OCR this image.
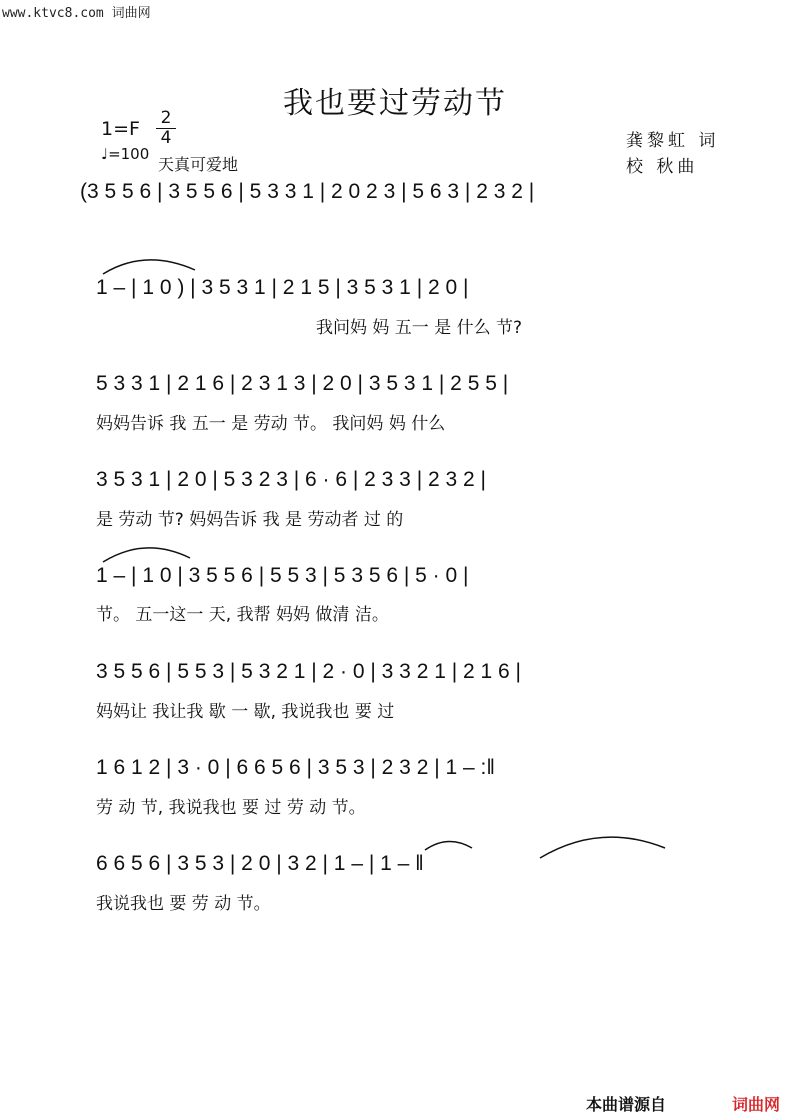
www.ktvc8.com 词曲网
我也要过劳动节
1=F 2
4
♩=100
天真可爱地
龚黎虹 词
校 秋曲
(3 5 5 6 | 3 5 5 6 | 5 3 3 1 | 2 0 2 3 | 5 6 3 | 2 3 2 |
1 – | 1 0 ) | 3 5 3 1 | 2 1 5 | 3 5 3 1 | 2 0 |
我问妈 妈 五一 是 什么 节?
5 3 3 1 | 2 1 6 | 2 3 1 3 | 2 0 | 3 5 3 1 | 2 5 5 |
妈妈告诉 我 五一 是 劳动 节。 我问妈 妈 什么
3 5 3 1 | 2 0 | 5 3 2 3 | 6 · 6 | 2 3 3 | 2 3 2 |
是 劳动 节? 妈妈告诉 我 是 劳动者 过 的
1 – | 1 0 | 3 5 5 6 | 5 5 3 | 5 3 5 6 | 5 · 0 |
节。 五一这一 天, 我帮 妈妈 做清 洁。
3 5 5 6 | 5 5 3 | 5 3 2 1 | 2 · 0 | 3 3 2 1 | 2 1 6 |
妈妈让 我让我 歇 一 歇, 我说我也 要 过
1 6 1 2 | 3 · 0 | 6 6 5 6 | 3 5 3 | 2 3 2 | 1 – :‖
劳 动 节, 我说我也 要 过 劳 动 节。
6 6 5 6 | 3 5 3 | 2 0 | 3 2 | 1 – | 1 – ‖
我说我也 要 劳 动 节。
本曲谱源自	词曲网
